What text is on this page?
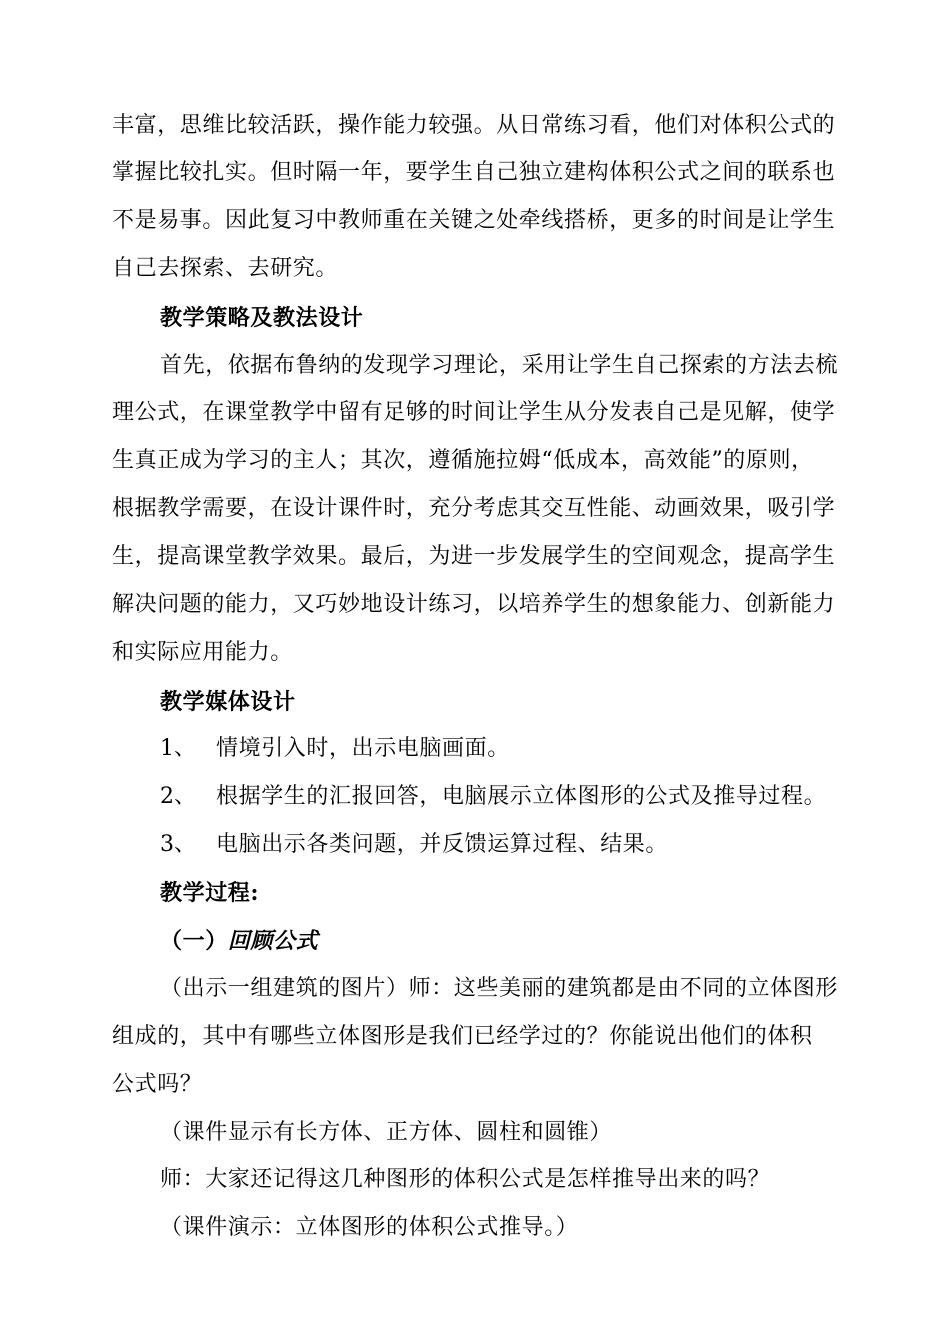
丰富，思维比较活跃，操作能力较强。从日常练习看，他们对体积公式的
掌握比较扎实。但时隔一年，要学生自己独立建构体积公式之间的联系也
不是易事。因此复习中教师重在关键之处牵线搭桥，更多的时间是让学生
自己去探索、去研究。
教学策略及教法设计
首先，依据布鲁纳的发现学习理论，采用让学生自己探索的方法去梳
理公式，在课堂教学中留有足够的时间让学生从分发表自己是见解，使学
生真正成为学习的主人；其次，遵循施拉姆“低成本，高效能”的原则，
根据教学需要，在设计课件时，充分考虑其交互性能、动画效果，吸引学
生，提高课堂教学效果。最后，为进一步发展学生的空间观念，提高学生
解决问题的能力，又巧妙地设计练习，以培养学生的想象能力、创新能力
和实际应用能力。
教学媒体设计
1、 情境引入时，出示电脑画面。
2、 根据学生的汇报回答，电脑展示立体图形的公式及推导过程。
3、 电脑出示各类问题，并反馈运算过程、结果。
教学过程:
（一）回顾公式
（出示一组建筑的图片）师：这些美丽的建筑都是由不同的立体图形
组成的，其中有哪些立体图形是我们已经学过的？你能说出他们的体积
公式吗？
（课件显示有长方体、正方体、圆柱和圆锥）
师：大家还记得这几种图形的体积公式是怎样推导出来的吗？
（课件演示：立体图形的体积公式推导。）
